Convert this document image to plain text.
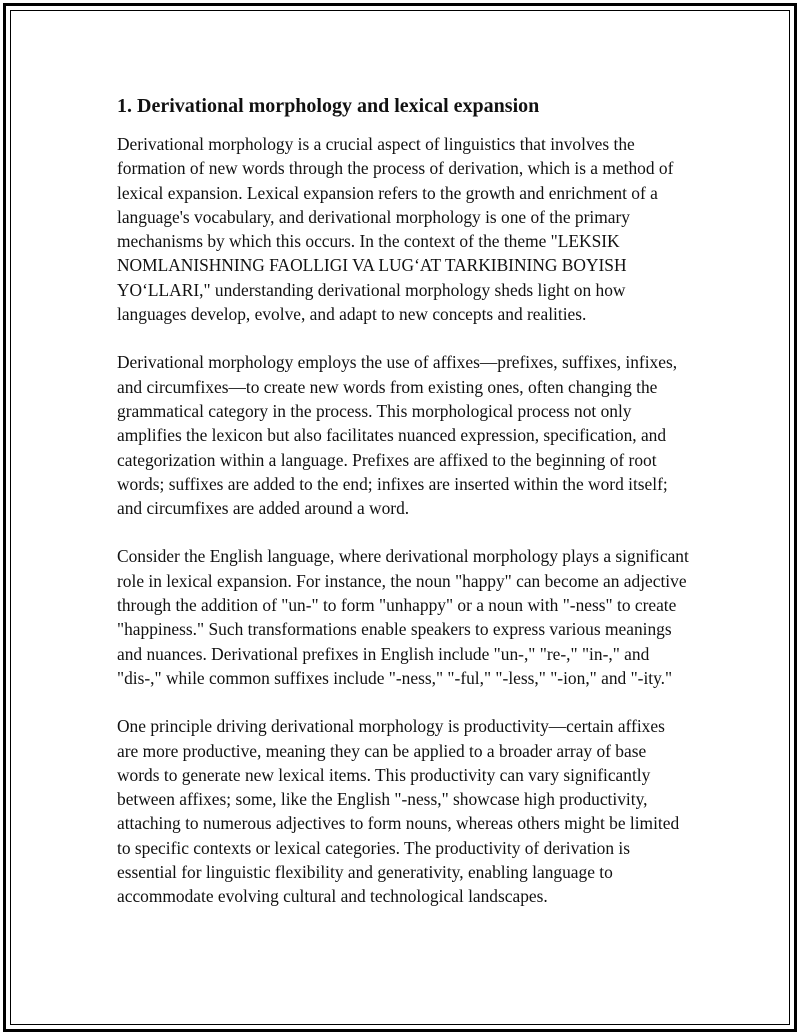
1. Derivational morphology and lexical expansion

Derivational morphology is a crucial aspect of linguistics that involves the formation of new words through the process of derivation, which is a method of lexical expansion. Lexical expansion refers to the growth and enrichment of a language's vocabulary, and derivational morphology is one of the primary mechanisms by which this occurs. In the context of the theme "LEKSIK NOMLANISHNING FAOLLIGI VA LUG‘AT TARKIBINING BOYISH YO‘LLARI," understanding derivational morphology sheds light on how languages develop, evolve, and adapt to new concepts and realities.

Derivational morphology employs the use of affixes—prefixes, suffixes, infixes, and circumfixes—to create new words from existing ones, often changing the grammatical category in the process. This morphological process not only amplifies the lexicon but also facilitates nuanced expression, specification, and categorization within a language. Prefixes are affixed to the beginning of root words; suffixes are added to the end; infixes are inserted within the word itself; and circumfixes are added around a word.

Consider the English language, where derivational morphology plays a significant role in lexical expansion. For instance, the noun "happy" can become an adjective through the addition of "un-" to form "unhappy" or a noun with "-ness" to create "happiness." Such transformations enable speakers to express various meanings and nuances. Derivational prefixes in English include "un-," "re-," "in-," and "dis-," while common suffixes include "-ness," "-ful," "-less," "-ion," and "-ity."

One principle driving derivational morphology is productivity—certain affixes are more productive, meaning they can be applied to a broader array of base words to generate new lexical items. This productivity can vary significantly between affixes; some, like the English "-ness," showcase high productivity, attaching to numerous adjectives to form nouns, whereas others might be limited to specific contexts or lexical categories. The productivity of derivation is essential for linguistic flexibility and generativity, enabling language to accommodate evolving cultural and technological landscapes.
